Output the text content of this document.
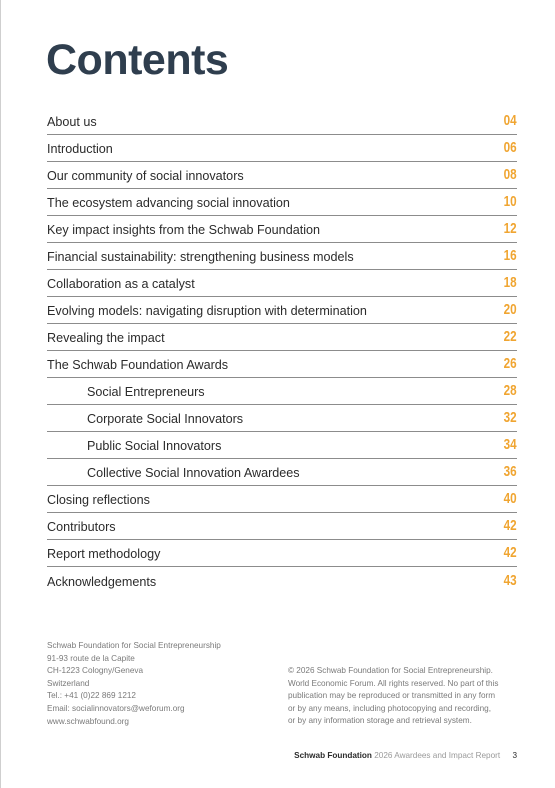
Contents
About us	04
Introduction	06
Our community of social innovators	08
The ecosystem advancing social innovation	10
Key impact insights from the Schwab Foundation	12
Financial sustainability: strengthening business models	16
Collaboration as a catalyst	18
Evolving models: navigating disruption with determination	20
Revealing the impact	22
The Schwab Foundation Awards	26
Social Entrepreneurs	28
Corporate Social Innovators	32
Public Social Innovators	34
Collective Social Innovation Awardees	36
Closing reflections	40
Contributors	42
Report methodology	42
Acknowledgements	43
Schwab Foundation for Social Entrepreneurship
91-93 route de la Capite
CH-1223 Cologny/Geneva
Switzerland
Tel.: +41 (0)22 869 1212
Email: socialinnovators@weforum.org
www.schwabfound.org
© 2026 Schwab Foundation for Social Entrepreneurship.
World Economic Forum. All rights reserved. No part of this
publication may be reproduced or transmitted in any form
or by any means, including photocopying and recording,
or by any information storage and retrieval system.
Schwab Foundation 2026 Awardees and Impact Report 3
